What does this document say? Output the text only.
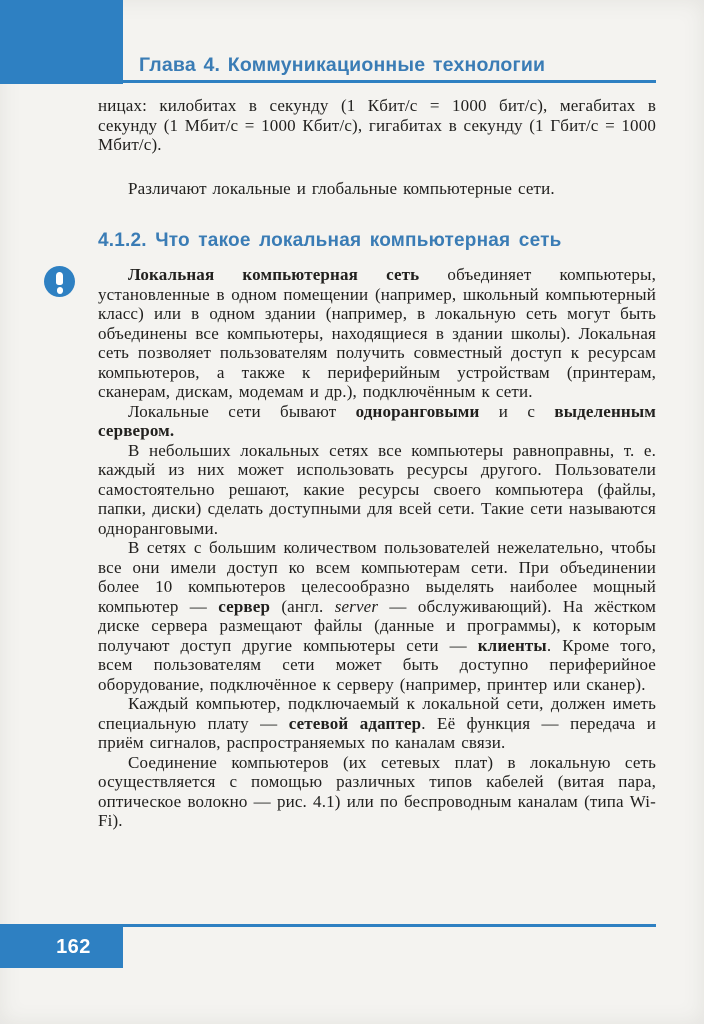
Глава 4. Коммуникационные технологии

ницах: килобитах в секунду (1 Кбит/с = 1000 бит/с), мегабитах в секунду (1 Мбит/с = 1000 Кбит/с), гигабитах в секунду (1 Гбит/с = 1000 Мбит/с).

Различают локальные и глобальные компьютерные сети.

4.1.2. Что такое локальная компьютерная сеть

Локальная компьютерная сеть объединяет компьютеры, установленные в одном помещении (например, школьный компьютерный класс) или в одном здании (например, в локальную сеть могут быть объединены все компьютеры, находящиеся в здании школы). Локальная сеть позволяет пользователям получить совместный доступ к ресурсам компьютеров, а также к периферийным устройствам (принтерам, сканерам, дискам, модемам и др.), подключённым к сети.

Локальные сети бывают одноранговыми и с выделенным сервером.

В небольших локальных сетях все компьютеры равноправны, т. е. каждый из них может использовать ресурсы другого. Пользователи самостоятельно решают, какие ресурсы своего компьютера (файлы, папки, диски) сделать доступными для всей сети. Такие сети называются одноранговыми.

В сетях с большим количеством пользователей нежелательно, чтобы все они имели доступ ко всем компьютерам сети. При объединении более 10 компьютеров целесообразно выделять наиболее мощный компьютер — сервер (англ. server — обслуживающий). На жёстком диске сервера размещают файлы (данные и программы), к которым получают доступ другие компьютеры сети — клиенты. Кроме того, всем пользователям сети может быть доступно периферийное оборудование, подключённое к серверу (например, принтер или сканер).

Каждый компьютер, подключаемый к локальной сети, должен иметь специальную плату — сетевой адаптер. Её функция — передача и приём сигналов, распространяемых по каналам связи.

Соединение компьютеров (их сетевых плат) в локальную сеть осуществляется с помощью различных типов кабелей (витая пара, оптическое волокно — рис. 4.1) или по беспроводным каналам (типа Wi-Fi).

162
